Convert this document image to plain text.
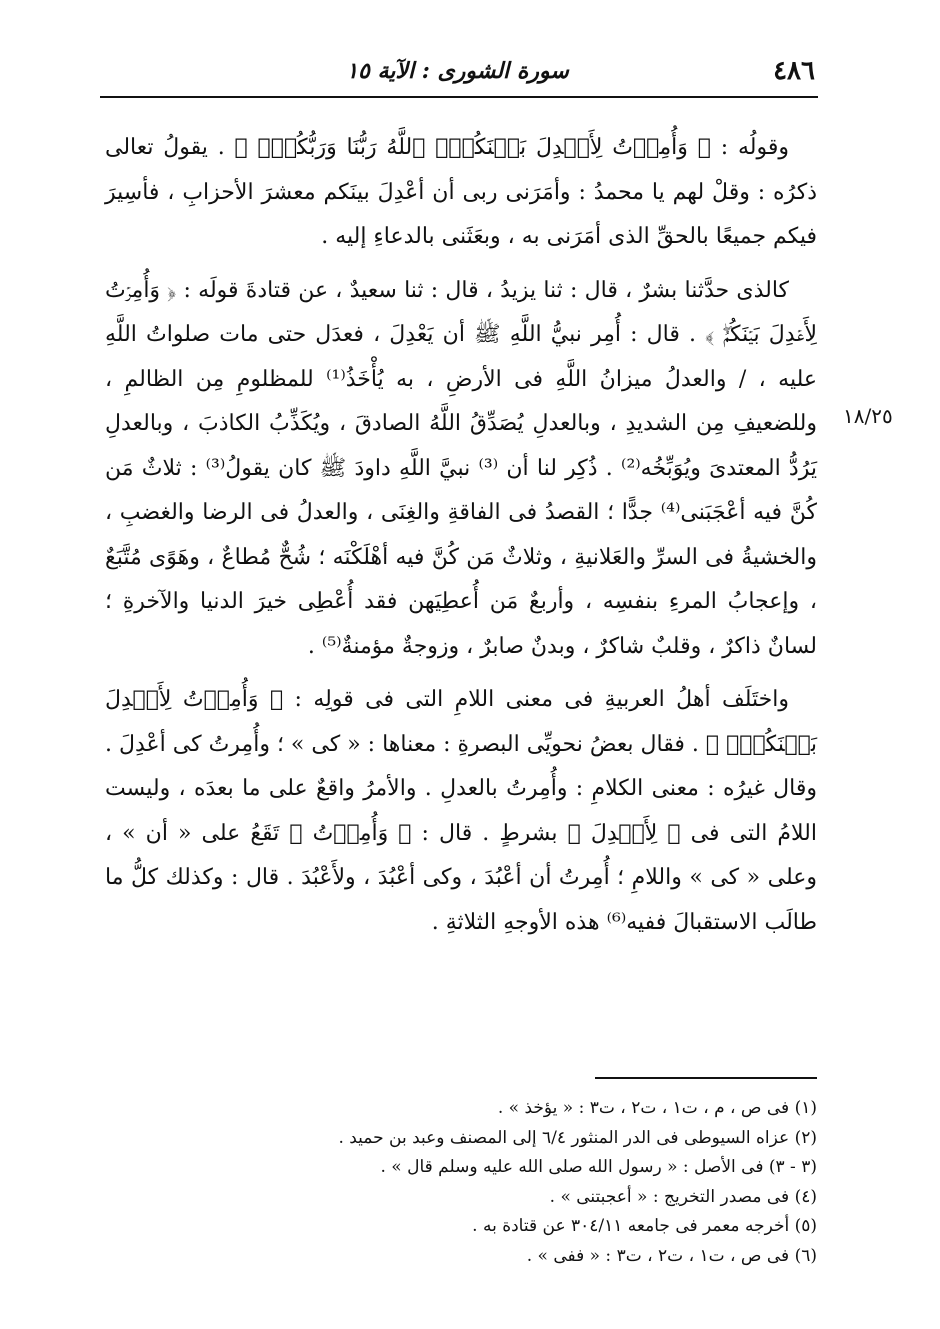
٤٨٦
سورة الشورى : الآية ١٥
١٨/٢٥

وقولُه : ﴿ وَأُمِرۡتُ لِأَعۡدِلَ بَيۡنَكُمُۖ ٱللَّهُ رَبُّنَا وَرَبُّكُمۡۖ ﴾ . يقولُ تعالى ذكرُه : وقلْ لهم يا محمدُ : وأمَرَنى ربى أن أعْدِلَ بينَكم معشرَ الأحزابِ ، فأسِيرَ فيكم جميعًا بالحقِّ الذى أمَرَنى به ، وبعَثَنى بالدعاءِ إليه .

كالذى حدَّثنا بشرٌ ، قال : ثنا يزيدُ ، قال : ثنا سعيدٌ ، عن قتادةَ قولَه : ﴿ وَأُمِرۡتُ لِأَعۡدِلَ بَيۡنَكُمُۖ ﴾ . قال : أُمِر نبيُّ اللَّهِ ﷺ أن يَعْدِلَ ، فعدَل حتى مات صلواتُ اللَّهِ عليه ، / والعدلُ ميزانُ اللَّهِ فى الأرضِ ، به يُأْخَذُ⁽¹⁾ للمظلومِ مِن الظالمِ ، وللضعيفِ مِن الشديدِ ، وبالعدلِ يُصَدِّقُ اللَّهُ الصادقَ ، ويُكَذِّبُ الكاذبَ ، وبالعدلِ يَرُدُّ المعتدىَ ويُوَبِّخُه⁽²⁾ . ذُكِر لنا أن ⁽³⁾ نبيَّ اللَّهِ داودَ ﷺ كان يقولُ⁽³⁾ : ثلاثٌ مَن كُنَّ فيه أعْجَبَنى⁽⁴⁾ جدًّا ؛ القصدُ فى الفاقةِ والغِنَى ، والعدلُ فى الرضا والغضبِ ، والخشيةُ فى السرِّ والعَلانيةِ ، وثلاثٌ مَن كُنَّ فيه أهْلَكْنَه ؛ شُحٌّ مُطاعٌ ، وهَوًى مُتَّبَعٌ ، وإعجابُ المرءِ بنفسِه ، وأربعٌ مَن أُعطِيَهن فقد أُعْطِى خيرَ الدنيا والآخرةِ ؛ لسانٌ ذاكرٌ ، وقلبٌ شاكرٌ ، وبدنٌ صابرٌ ، وزوجةٌ مؤمنةٌ⁽⁵⁾ .

واختَلَف أهلُ العربيةِ فى معنى اللامِ التى فى قولِه : ﴿ وَأُمِرۡتُ لِأَعۡدِلَ بَيۡنَكُمُۖ ﴾ . فقال بعضُ نحويِّى البصرةِ : معناها : « كى » ؛ وأُمِرتُ كى أعْدِلَ . وقال غيرُه : معنى الكلامِ : وأُمِرتُ بالعدلِ . والأمرُ واقعٌ على ما بعدَه ، وليست اللامُ التى فى ﴿ لِأَعۡدِلَ ﴾ بشرطٍ . قال : ﴿ وَأُمِرۡتُ ﴾ تَقَعُ على « أن » ، وعلى « كى » واللامِ ؛ أُمِرتُ أن أعْبُدَ ، وكى أعْبُدَ ، ولأَعْبُدَ . قال : وكذلك كلُّ ما طالَب الاستقبالَ ففيه⁽⁶⁾ هذه الأوجهِ الثلاثةِ .

(١) فى ص ، م ، ت١ ، ت٢ ، ت٣ : « يؤخذ » .
(٢) عزاه السيوطى فى الدر المنثور ٦/٤ إلى المصنف وعبد بن حميد .
(٣ - ٣) فى الأصل : « رسول الله صلى الله عليه وسلم قال » .
(٤) فى مصدر التخريج : « أعجبتنى » .
(٥) أخرجه معمر فى جامعه ٣٠٤/١١ عن قتادة به .
(٦) فى ص ، ت١ ، ت٢ ، ت٣ : « ففى » .
